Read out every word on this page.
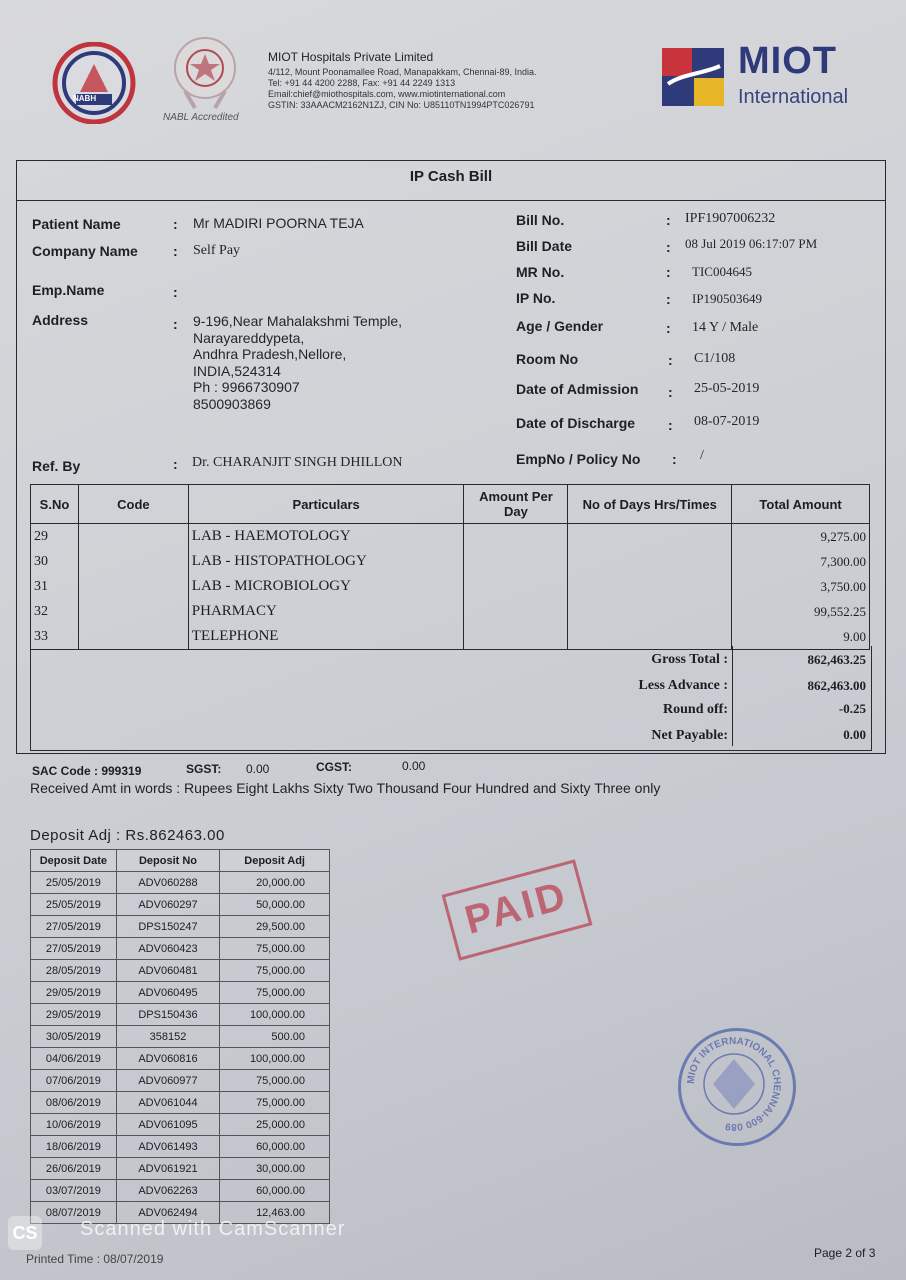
NABH
NABL Accredited
MIOT Hospitals Private Limited
4/112, Mount Poonamallee Road, Manapakkam, Chennai-89, India.
Tel: +91 44 4200 2288, Fax: +91 44 2249 1313
Email:chief@miothospitals.com, www.miotinternational.com
GSTIN: 33AAACM2162N1ZJ, CIN No: U85110TN1994PTC026791
MIOT
International
IP Cash Bill
Patient Name	: Mr MADIRI POORNA TEJA
Company Name	: Self Pay
Emp.Name	:
Address	: 9-196,Near Mahalakshmi Temple,
Narayareddypeta,
Andhra Pradesh,Nellore,
INDIA,524314
Ph : 9966730907
8500903869
Ref. By	: Dr. CHARANJIT SINGH DHILLON
Bill No.	: IPF1907006232
Bill Date	: 08 Jul 2019 06:17:07 PM
MR No.	: TIC004645
IP No.	: IP190503649
Age / Gender	: 14 Y / Male
Room No	: C1/108
Date of Admission : 25-05-2019
Date of Discharge : 08-07-2019
EmpNo / Policy No : /
S.No	Code	Particulars	Amount Per Day	No of Days Hrs/Times	Total Amount
29		LAB - HAEMOTOLOGY			9,275.00
30		LAB - HISTOPATHOLOGY			7,300.00
31		LAB - MICROBIOLOGY			3,750.00
32		PHARMACY			99,552.25
33		TELEPHONE			9.00
Gross Total :	862,463.25
Less Advance :	862,463.00
Round off:	-0.25
Net Payable:	0.00
SAC Code : 999319	SGST: 0.00	CGST:	0.00
Received Amt in words : Rupees Eight Lakhs Sixty Two Thousand Four Hundred and Sixty Three only
Deposit Adj : Rs.862463.00
Deposit Date	Deposit No	Deposit Adj
25/05/2019	ADV060288	20,000.00
25/05/2019	ADV060297	50,000.00
27/05/2019	DPS150247	29,500.00
27/05/2019	ADV060423	75,000.00
28/05/2019	ADV060481	75,000.00
29/05/2019	ADV060495	75,000.00
29/05/2019	DPS150436	100,000.00
30/05/2019	358152	500.00
04/06/2019	ADV060816	100,000.00
07/06/2019	ADV060977	75,000.00
08/06/2019	ADV061044	75,000.00
10/06/2019	ADV061095	25,000.00
18/06/2019	ADV061493	60,000.00
26/06/2019	ADV061921	30,000.00
03/07/2019	ADV062263	60,000.00
08/07/2019	ADV062494	12,463.00
PAID
MIOT INTERNATIONAL CHENNAI-600 089
CS Scanned with CamScanner
Printed Time : 08/07/2019	Page 2 of 3
